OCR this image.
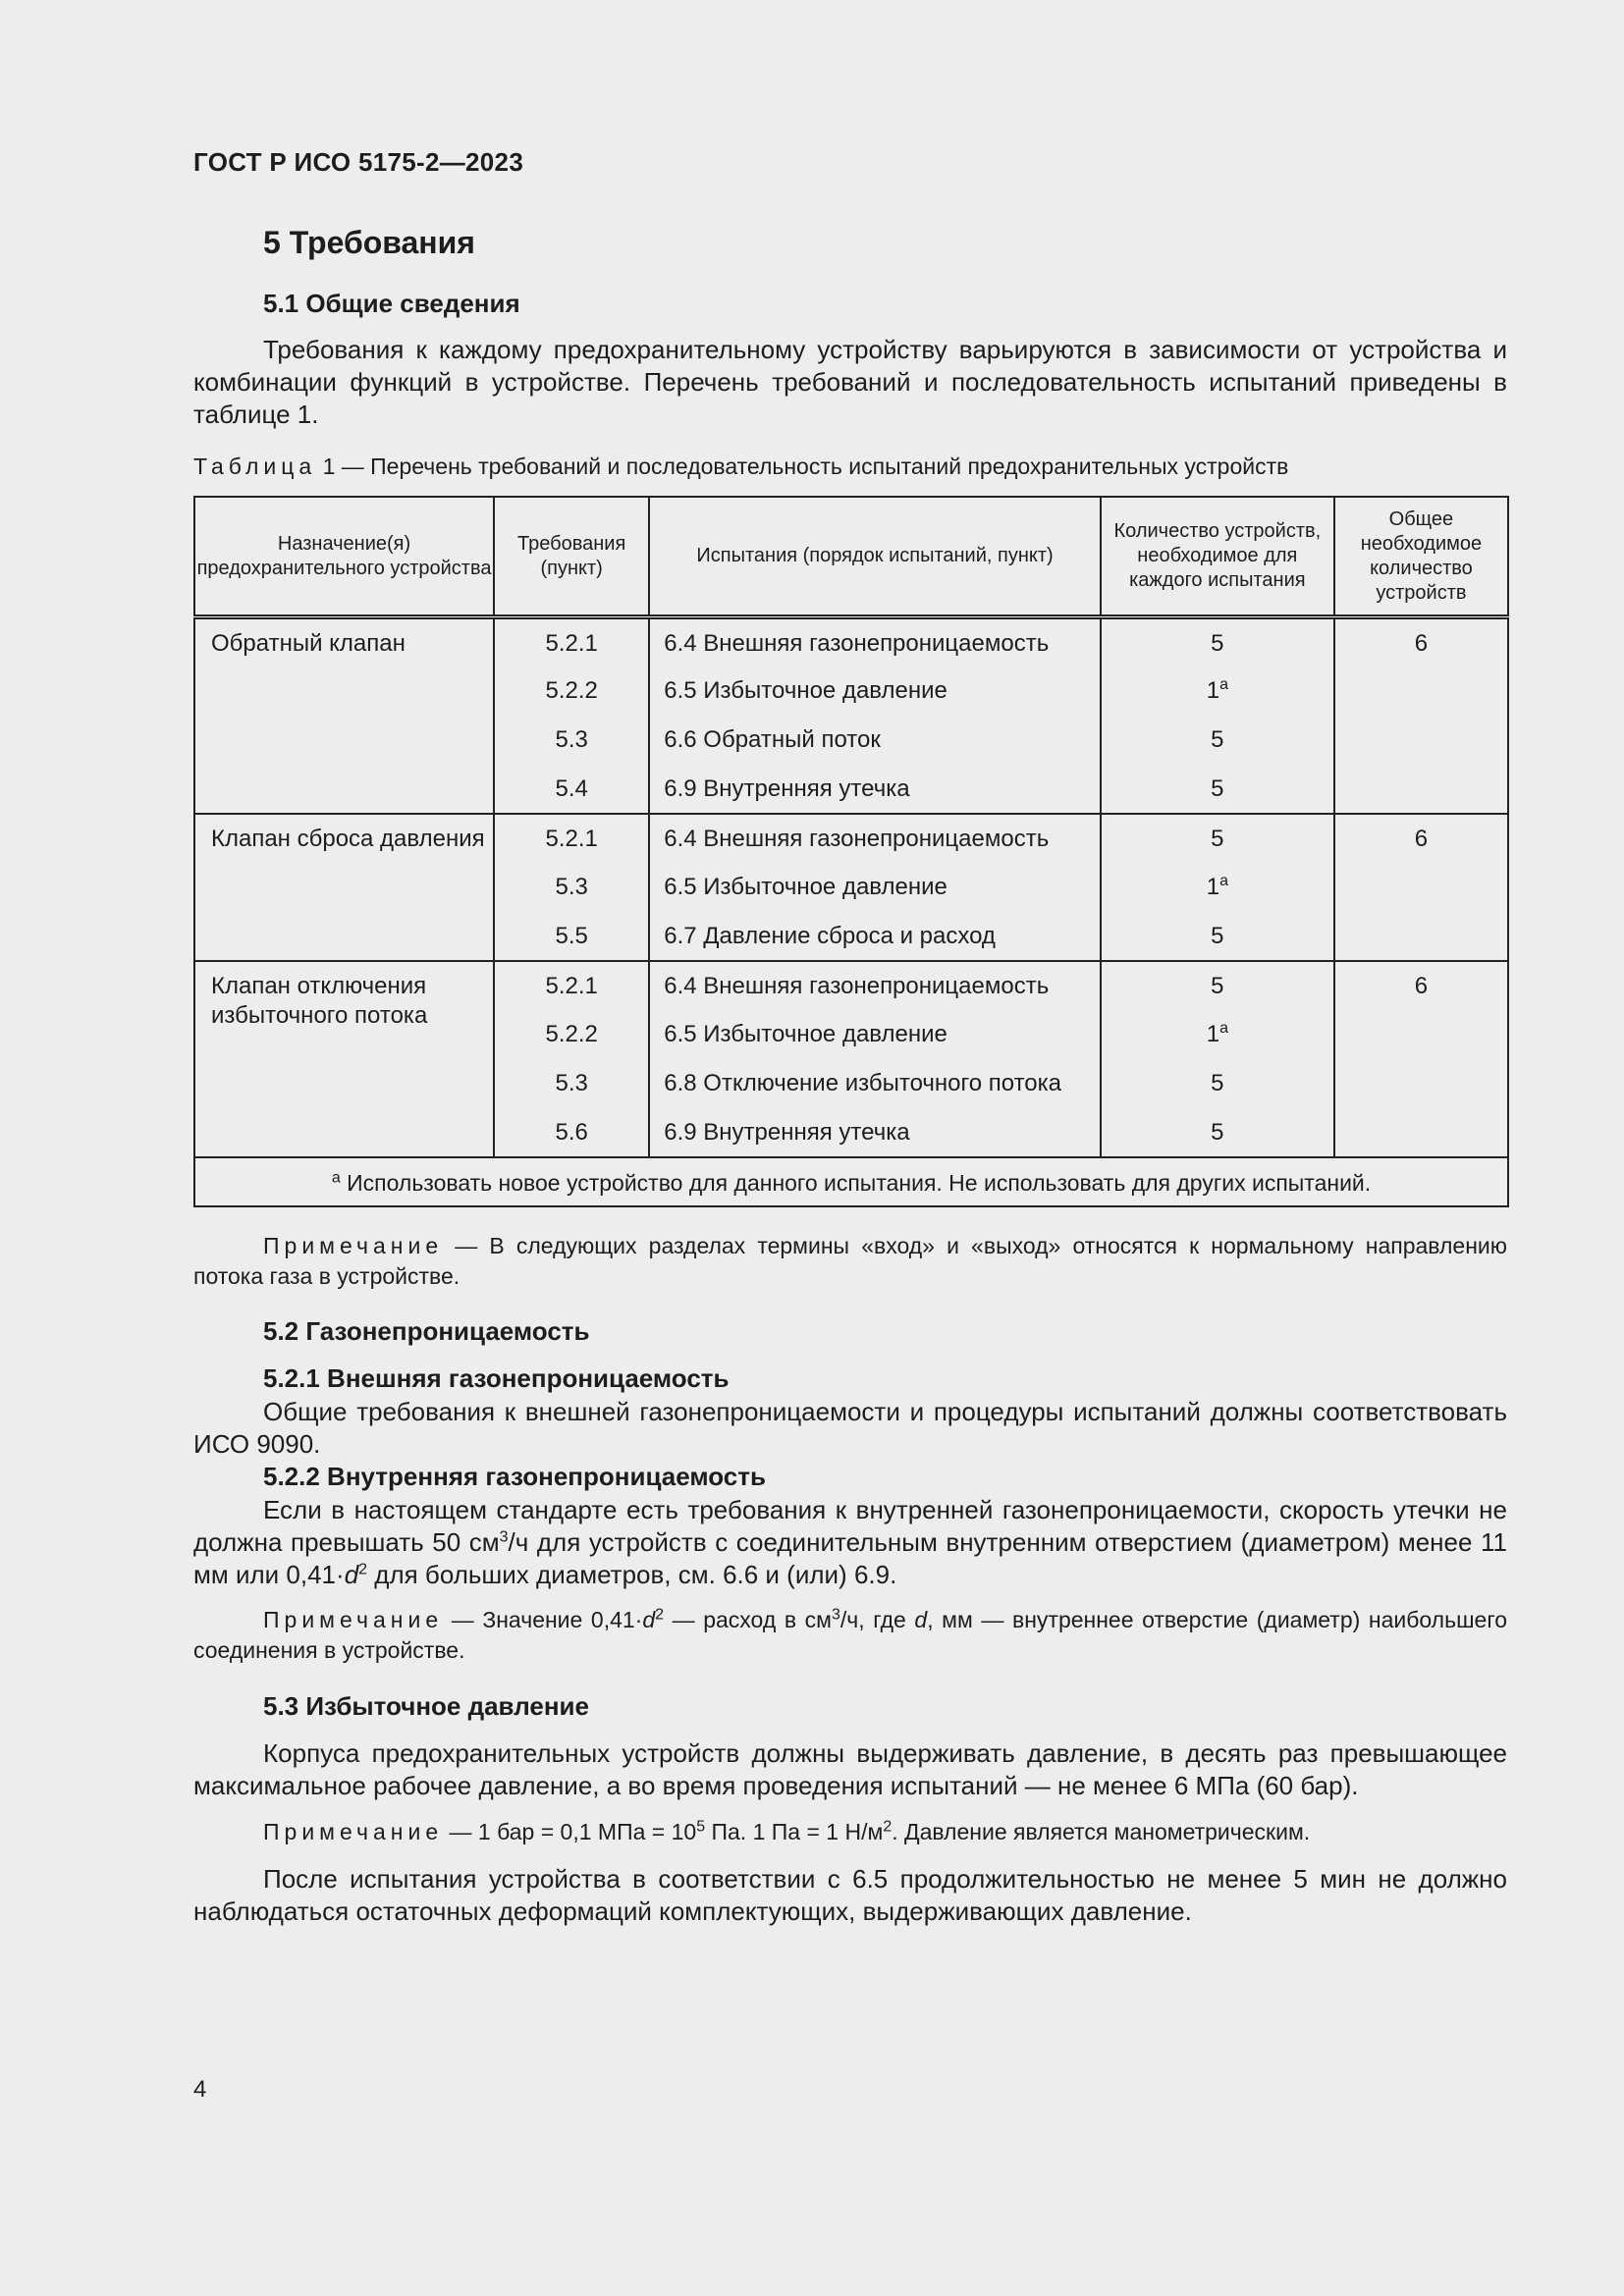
ГОСТ Р ИСО 5175-2—2023
5 Требования
5.1 Общие сведения

Требования к каждому предохранительному устройству варьируются в зависимости от устройства и комбинации функций в устройстве. Перечень требований и последовательность испытаний приведены в таблице 1.

Таблица 1 — Перечень требований и последовательность испытаний предохранительных устройств
Назначение(я) предохранительного устройства	Требования (пункт)	Испытания (порядок испытаний, пункт)	Количество устройств, необходимое для каждого испытания	Общее необходимое количество устройств
Обратный клапан	5.2.1	6.4 Внешняя газонепроницаемость	5	6
	5.2.2	6.5 Избыточное давление	1$^a$
	5.3	6.6 Обратный поток	5	
	5.4	6.9 Внутренняя утечка	5	
Клапан сброса давления	5.2.1	6.4 Внешняя газонепроницаемость	5	6
	5.3	6.5 Избыточное давление	1$^a$
	5.5	6.7 Давление сброса и расход	5	
Клапан отключения избыточного потока	5.2.1	6.4 Внешняя газонепроницаемость	5	6
	5.2.2	6.5 Избыточное давление	1$^a$
	5.3	6.8 Отключение избыточного потока	5	
	5.6	6.9 Внутренняя утечка	5	
$^a$ Использовать новое устройство для данного испытания. Не использовать для других испытаний.				

Примечание — В следующих разделах термины «вход» и «выход» относятся к нормальному направлению потока газа в устройстве.

5.2 Газонепроницаемость
5.2.1 Внешняя газонепроницаемость

Общие требования к внешней газонепроницаемости и процедуры испытаний должны соответствовать ИСО 9090.

5.2.2 Внутренняя газонепроницаемость

Если в настоящем стандарте есть требования к внутренней газонепроницаемости, скорость утечки не должна превышать 50 $см^3/ч$ для устройств с соединительным внутренним отверстием (диаметром) менее 11 мм или $0,41\cdot d^2$ для больших диаметров, см. 6.6 и (или) 6.9.

Примечание — Значение $0,41\cdot d^2$ — расход в $см^3/ч$, где d, мм — внутреннее отверстие (диаметр) наибольшего соединения в устройстве.

5.3 Избыточное давление

Корпуса предохранительных устройств должны выдерживать давление, в десять раз превышающее максимальное рабочее давление, а во время проведения испытаний — не менее 6 МПа (60 бар).

Примечание — 1 бар = 0,1 МПа = $10^5$ Па. 1 Па = 1 $Н/м^2$. Давление является манометрическим.

После испытания устройства в соответствии с 6.5 продолжительностью не менее 5 мин не должно наблюдаться остаточных деформаций комплектующих, выдерживающих давление.

4
